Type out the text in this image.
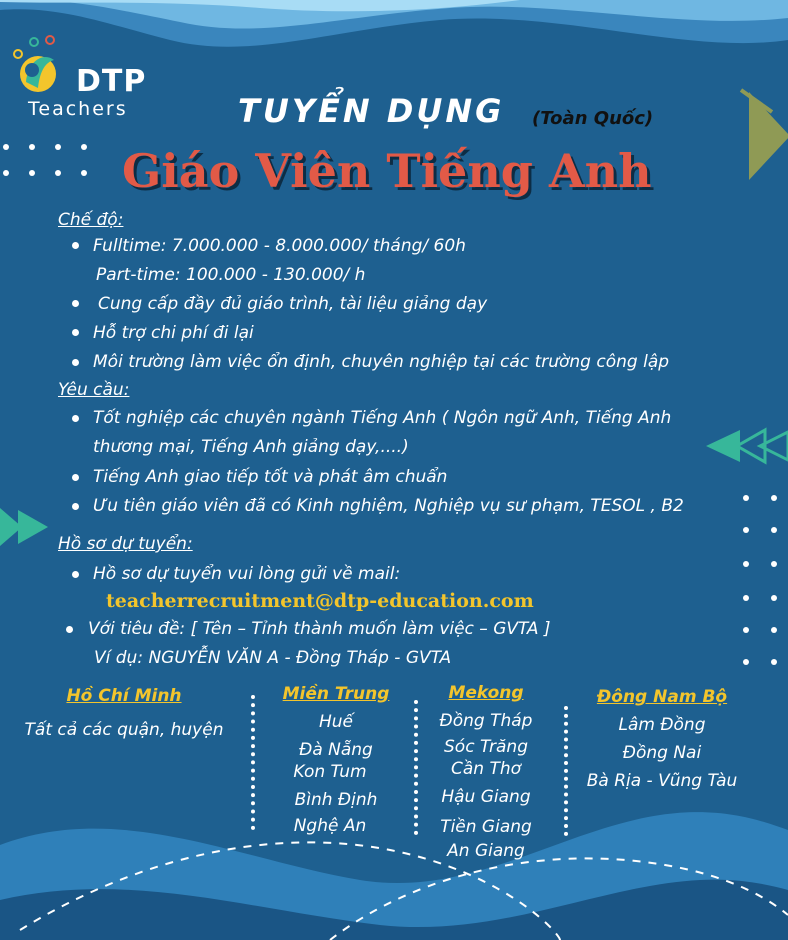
DTP
Teachers	TUYỂN DỤNG (Toàn Quốc)
Giáo Viên Tiếng Anh
Chế độ:
Fulltime: 7.000.000 - 8.000.000/ tháng/ 60h
Part-time: 100.000 - 130.000/ h
Cung cấp đầy đủ giáo trình, tài liệu giảng dạy
Hỗ trợ chi phí đi lại
Môi trường làm việc ổn định, chuyên nghiệp tại các trường công lập
Yêu cầu:
Tốt nghiệp các chuyên ngành Tiếng Anh ( Ngôn ngữ Anh, Tiếng Anh
thương mại, Tiếng Anh giảng dạy,....)
Tiếng Anh giao tiếp tốt và phát âm chuẩn
Ưu tiên giáo viên đã có Kinh nghiệm, Nghiệp vụ sư phạm, TESOL , B2
Hồ sơ dự tuyển:
Hồ sơ dự tuyển vui lòng gửi về mail:
teacherrecruitment@dtp-education.com
Với tiêu đề: [ Tên – Tỉnh thành muốn làm việc – GVTA ]
Ví dụ: NGUYỄN VĂN A - Đồng Tháp - GVTA
Hồ Chí Minh
Tất cả các quận, huyện
Miền Trung
Huế
Đà Nẵng
Kon Tum
Bình Định
Nghệ An
Mekong
Đồng Tháp
Sóc Trăng
Cần Thơ
Hậu Giang
Tiền Giang
An Giang
Đông Nam Bộ
Lâm Đồng
Đồng Nai
Bà Rịa - Vũng Tàu
